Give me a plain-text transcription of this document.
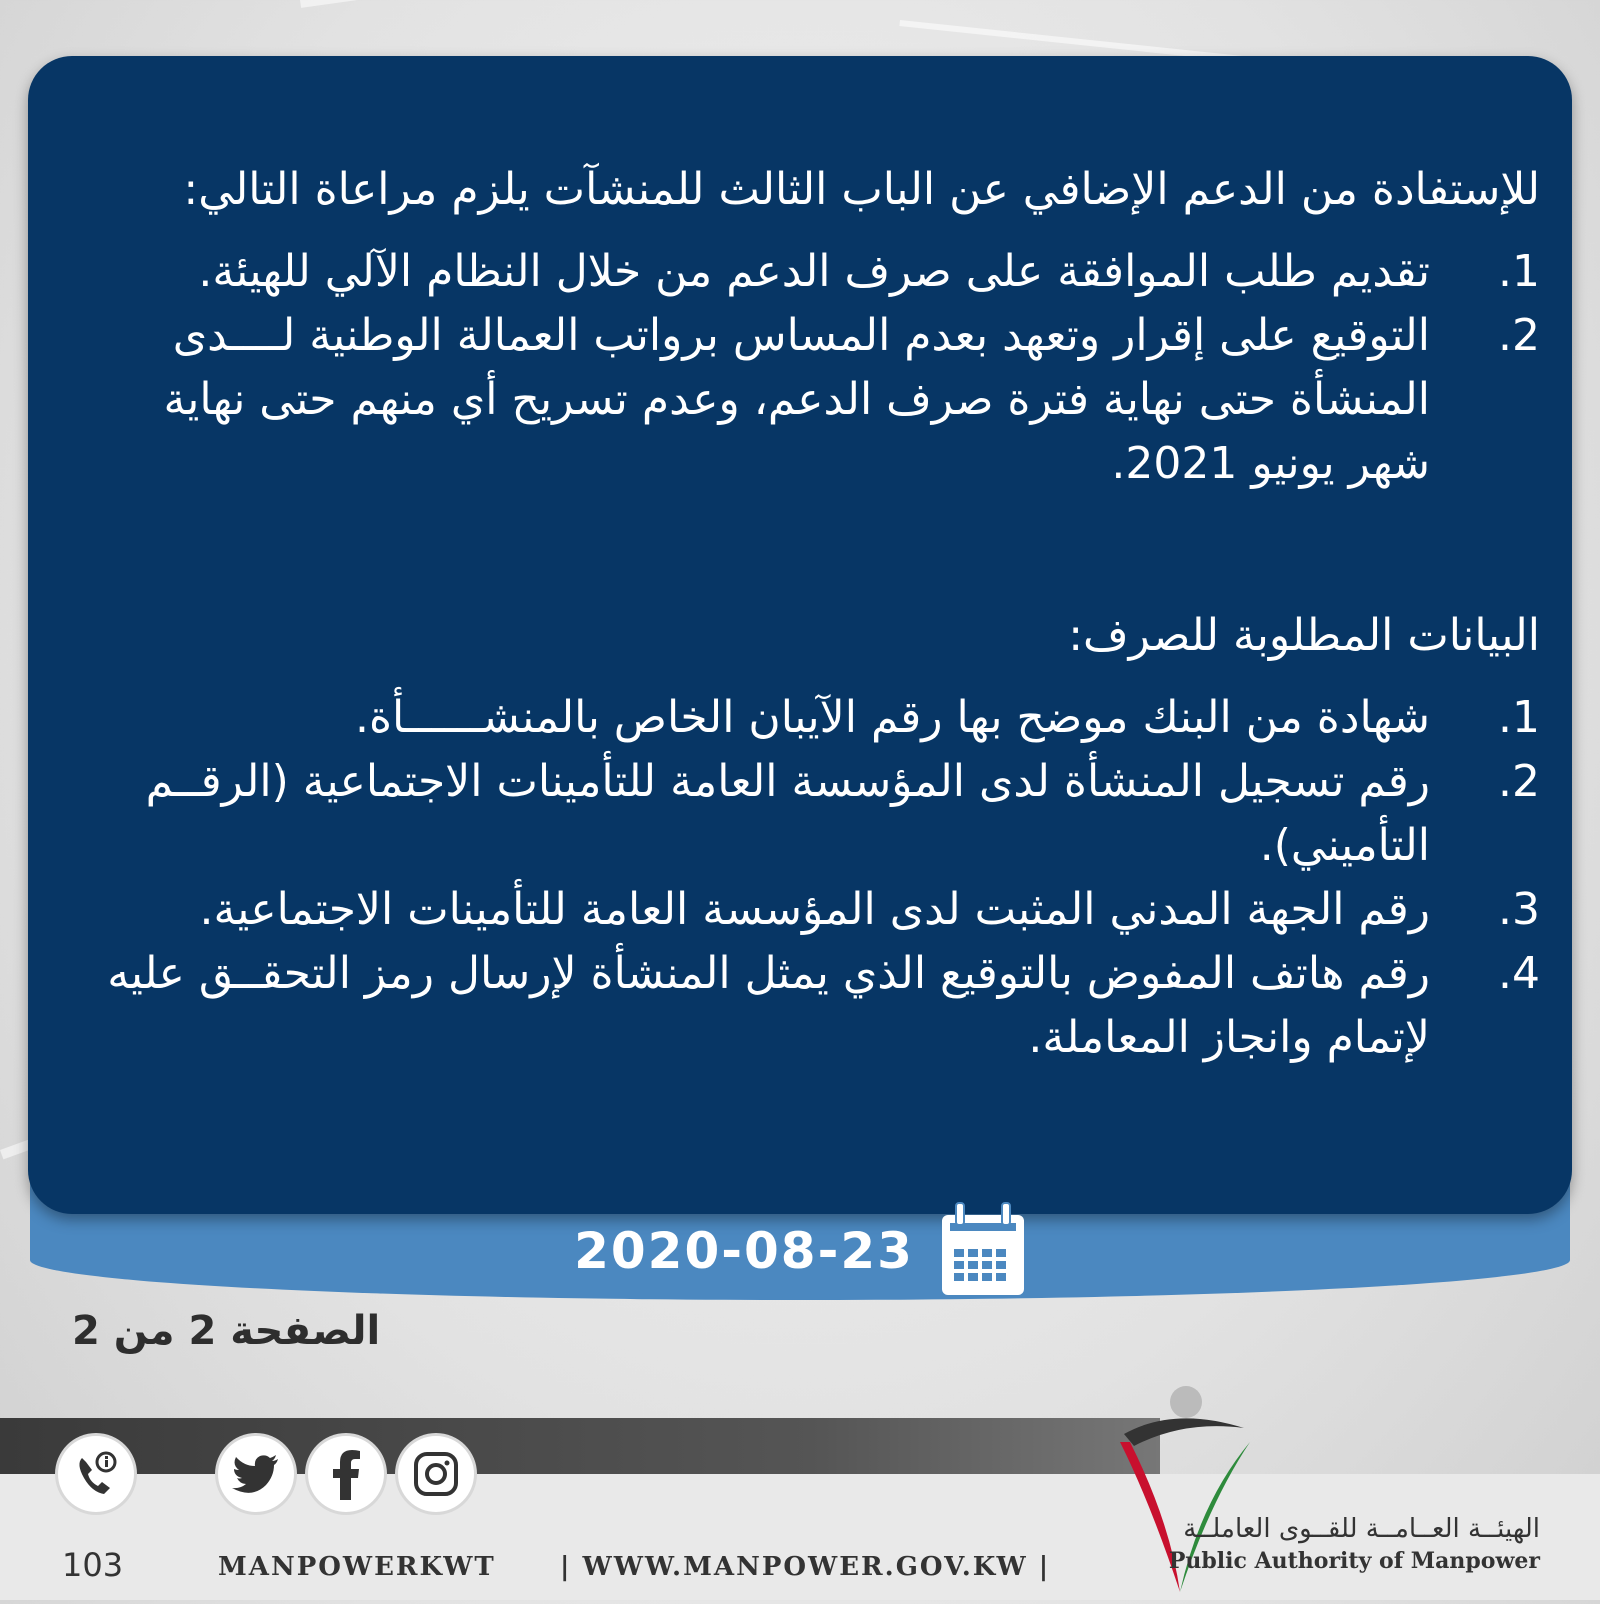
للإستفادة من الدعم الإضافي عن الباب الثالث للمنشآت يلزم مراعاة التالي:

1.
تقديم طلب الموافقة على صرف الدعم من خلال النظام الآلي للهيئة.
2.
التوقيع على إقرار وتعهد بعدم المساس برواتب العمالة الوطنية لــــدى المنشأة حتى نهاية فترة صرف الدعم، وعدم تسريح أي منهم حتى نهاية شهر يونيو 2021.

البيانات المطلوبة للصرف:

1.
شهادة من البنك موضح بها رقم الآيبان الخاص بالمنشــــــأة.
2.
رقم تسجيل المنشأة لدى المؤسسة العامة للتأمينات الاجتماعية (الرقــم التأميني).
3.
رقم الجهة المدني المثبت لدى المؤسسة العامة للتأمينات الاجتماعية.
4.
رقم هاتف المفوض بالتوقيع الذي يمثل المنشأة لإرسال رمز التحقــق عليه لإتمام وانجاز المعاملة.
2020-08-23
الصفحة 2 من 2
103	MANPOWERKWT | WWW.MANPOWER.GOV.KW |
الهيئــة العــامــة للقــوى العاملــة
Public Authority of Manpower
